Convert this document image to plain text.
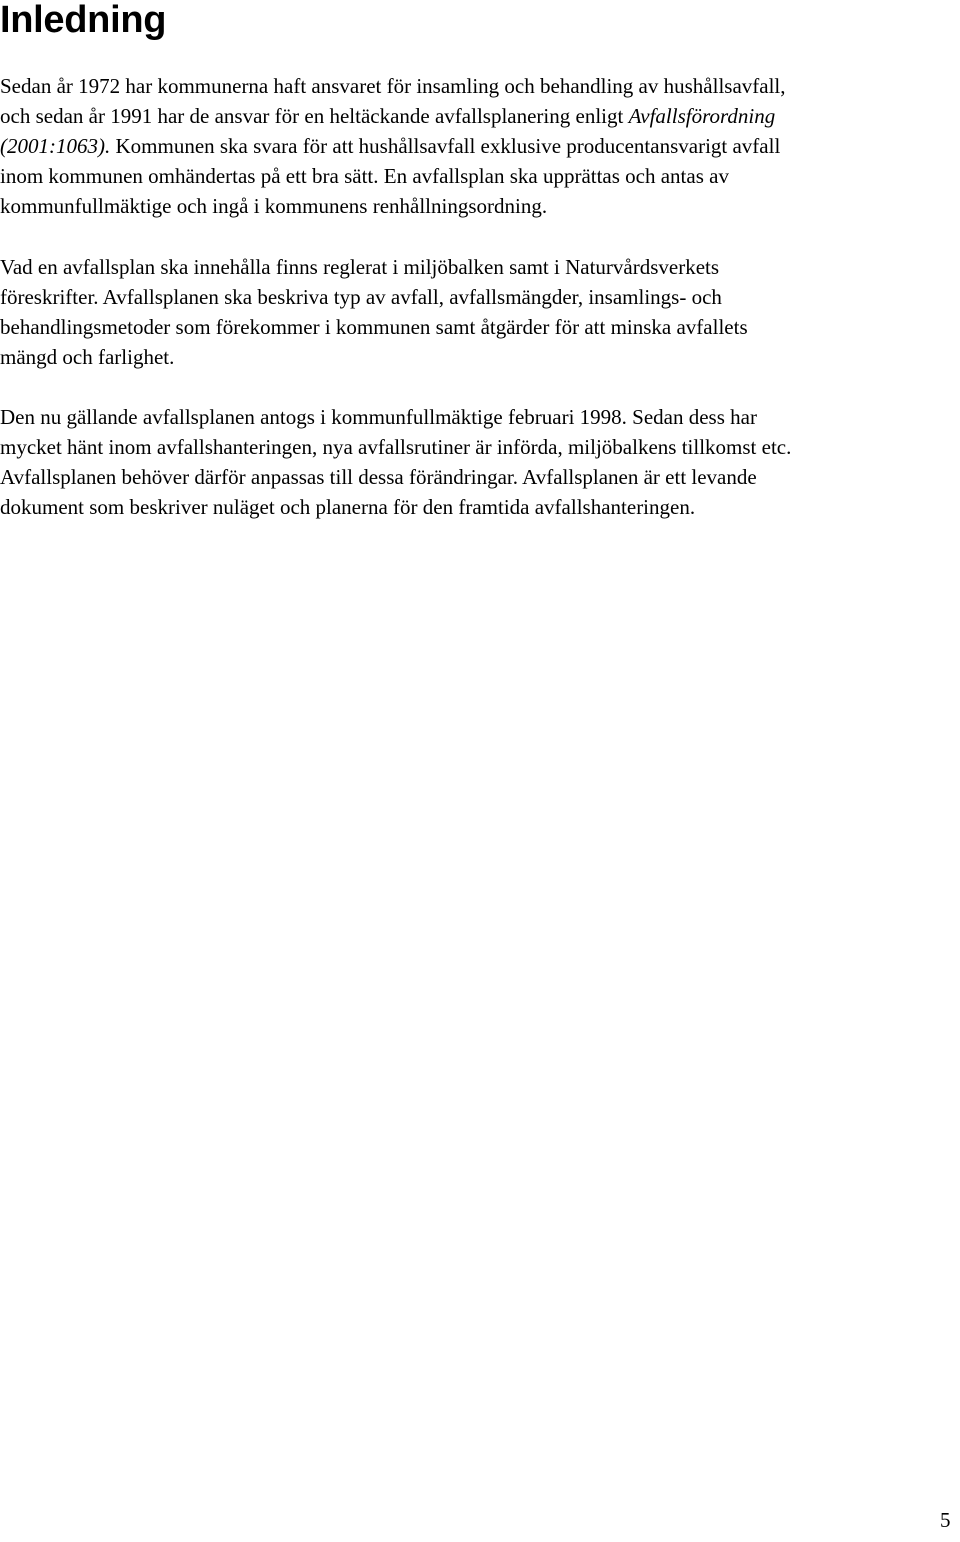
Inledning
Sedan år 1972 har kommunerna haft ansvaret för insamling och behandling av hushållsavfall,
och sedan år 1991 har de ansvar för en heltäckande avfallsplanering enligt Avfallsförordning
(2001:1063). Kommunen ska svara för att hushållsavfall exklusive producentansvarigt avfall
inom kommunen omhändertas på ett bra sätt. En avfallsplan ska upprättas och antas av
kommunfullmäktige och ingå i kommunens renhållningsordning.
Vad en avfallsplan ska innehålla finns reglerat i miljöbalken samt i Naturvårdsverkets
föreskrifter. Avfallsplanen ska beskriva typ av avfall, avfallsmängder, insamlings- och
behandlingsmetoder som förekommer i kommunen samt åtgärder för att minska avfallets
mängd och farlighet.
Den nu gällande avfallsplanen antogs i kommunfullmäktige februari 1998. Sedan dess har
mycket hänt inom avfallshanteringen, nya avfallsrutiner är införda, miljöbalkens tillkomst etc.
Avfallsplanen behöver därför anpassas till dessa förändringar. Avfallsplanen är ett levande
dokument som beskriver nuläget och planerna för den framtida avfallshanteringen.
5
